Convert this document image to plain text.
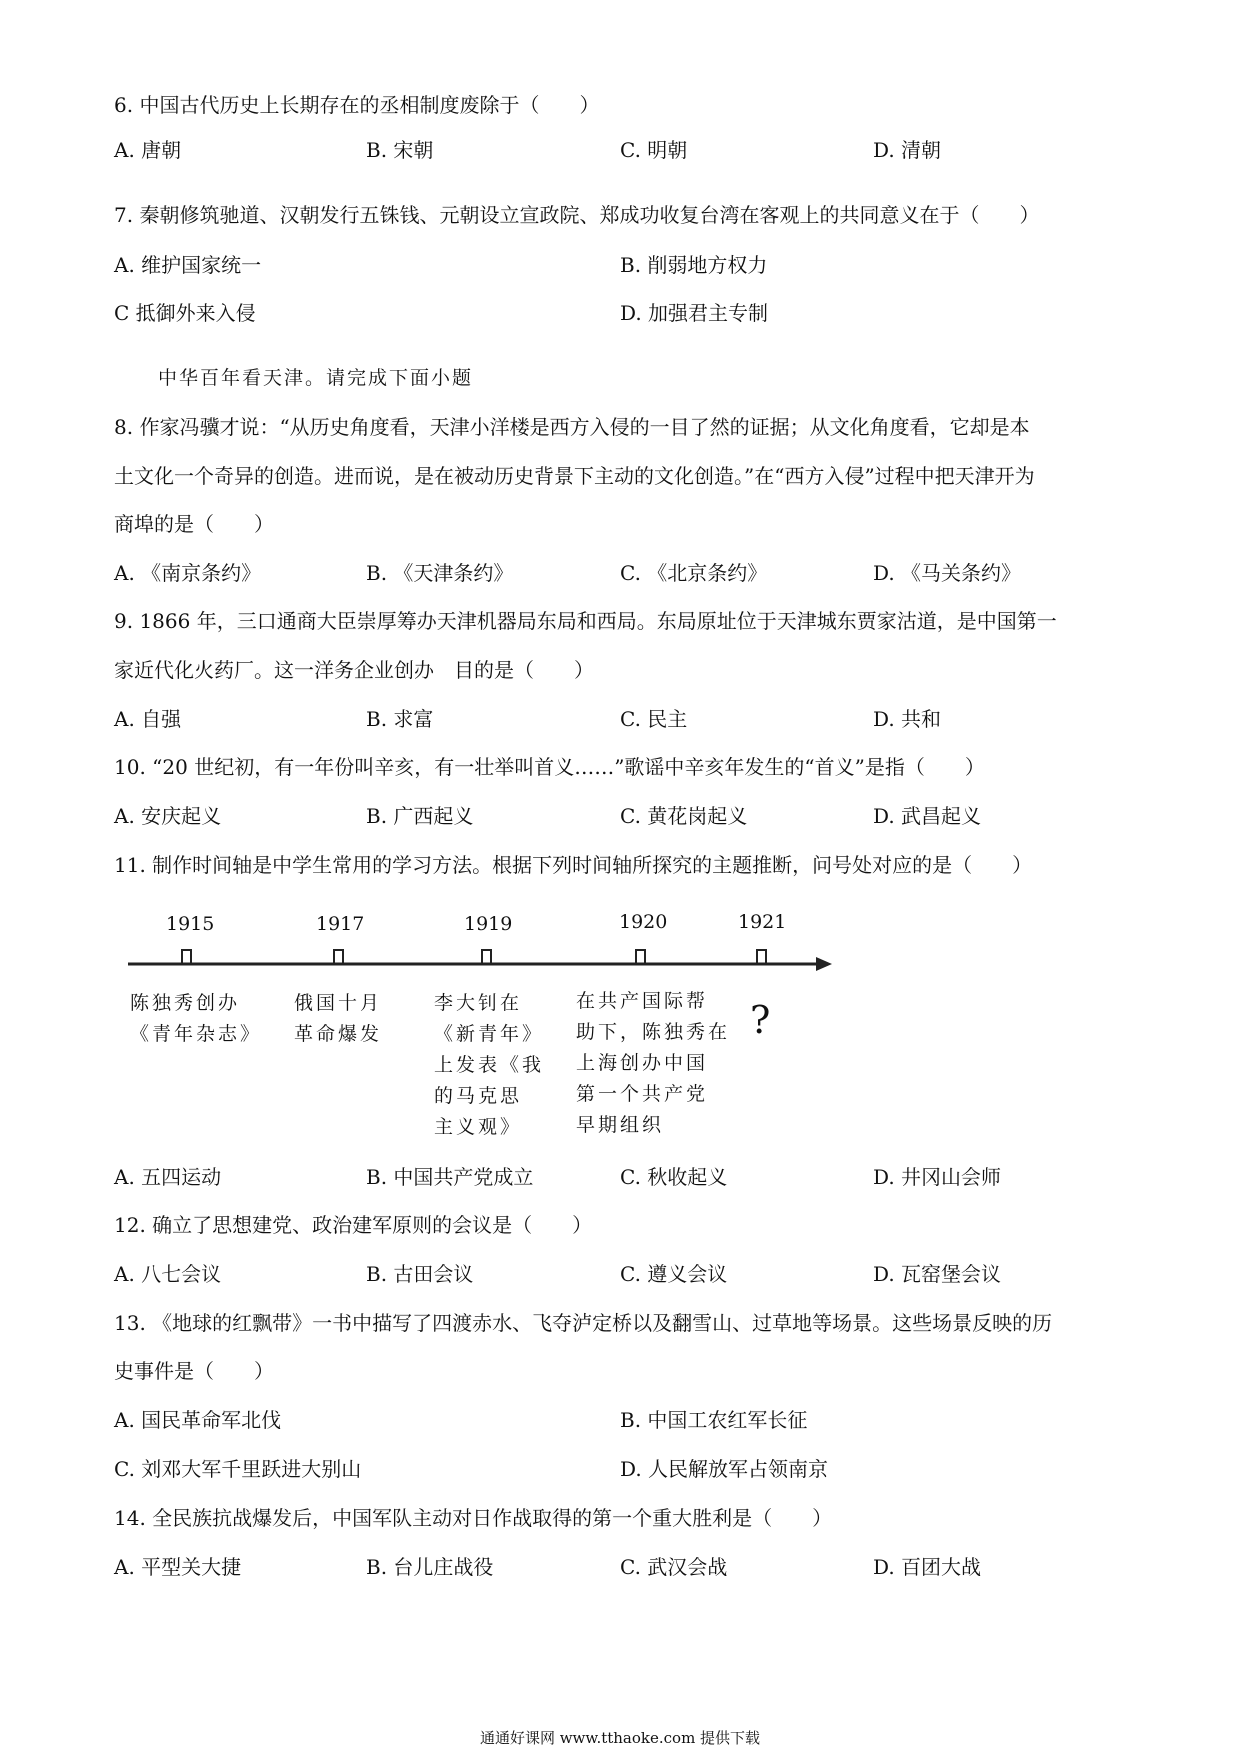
6. 中国古代历史上长期存在的丞相制度废除于（　　）
A. 唐朝	B. 宋朝	C. 明朝	D. 清朝
7. 秦朝修筑驰道、汉朝发行五铢钱、元朝设立宣政院、郑成功收复台湾在客观上的共同意义在于（　　）
A. 维护国家统一	B. 削弱地方权力
C 抵御外来入侵	D. 加强君主专制
中华百年看天津。请完成下面小题
8. 作家冯骥才说：“从历史角度看，天津小洋楼是西方入侵的一目了然的证据；从文化角度看，它却是本
土文化一个奇异的创造。进而说，是在被动历史背景下主动的文化创造。”在“西方入侵”过程中把天津开为
商埠的是（　　）
A. 《南京条约》	B. 《天津条约》	C. 《北京条约》	D. 《马关条约》
9. 1866 年，三口通商大臣崇厚筹办天津机器局东局和西局。东局原址位于天津城东贾家沽道，是中国第一
家近代化火药厂。这一洋务企业创办　目的是（　　）
A. 自强	B. 求富	C. 民主	D. 共和
10. “20 世纪初，有一年份叫辛亥，有一壮举叫首义……”歌谣中辛亥年发生的“首义”是指（　　）
A. 安庆起义	B. 广西起义	C. 黄花岗起义	D. 武昌起义
11. 制作时间轴是中学生常用的学习方法。根据下列时间轴所探究的主题推断，问号处对应的是（　　）
1915	1917	1919	1920	1921
陈独秀创办
《青年杂志》
俄国十月
革命爆发
李大钊在
《新青年》
上发表《我
的马克思
主义观》
在共产国际帮
助下，陈独秀在
上海创办中国
第一个共产党
早期组织
?
A. 五四运动	B. 中国共产党成立	C. 秋收起义	D. 井冈山会师
12. 确立了思想建党、政治建军原则的会议是（　　）
A. 八七会议	B. 古田会议	C. 遵义会议	D. 瓦窑堡会议
13. 《地球的红飘带》一书中描写了四渡赤水、飞夺泸定桥以及翻雪山、过草地等场景。这些场景反映的历
史事件是（　　）
A. 国民革命军北伐	B. 中国工农红军长征
C. 刘邓大军千里跃进大别山	D. 人民解放军占领南京
14. 全民族抗战爆发后，中国军队主动对日作战取得的第一个重大胜利是（　　）
A. 平型关大捷	B. 台儿庄战役	C. 武汉会战	D. 百团大战
通通好课网 www.tthaoke.com 提供下载
